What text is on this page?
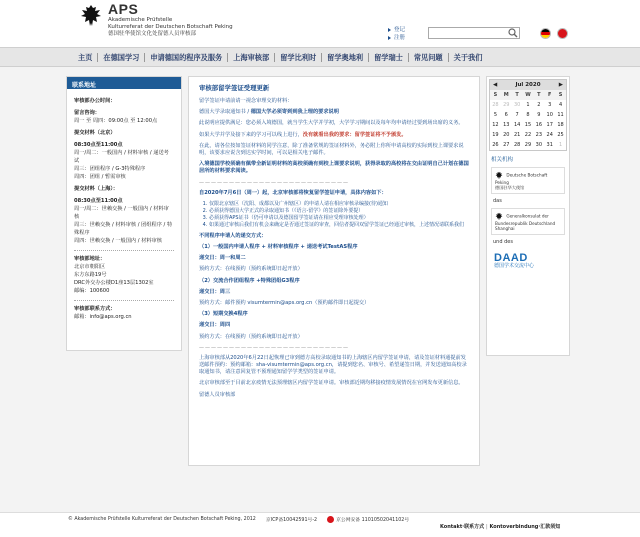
APS
Akademische Prüfstelle
Kulturreferat der Deutschen Botschaft Peking
德国驻华使馆文化处留德人员审核部
登记
注册
主页	在德国学习	申请德国的程序及服务	上海审核部	留学比利时	留学奥地利	留学瑞士	常见问题	关于我们
联系地址
审核部办公时间：
留言咨询：
周一 至 周四：09:00点 至 12:00点
提交材料（北京）
08:30点至11:00点
周一/周二：一般国内 / 材料审核 / 递送考试
周三：团组程序 / G-3特殊程序
周四：团组 / 暂需审核
提交材料（上海）：
08:30点至11:00点
周一/周二：世赖交换 / 一般国内 / 材料审核
周三：世赖交换 / 材料审核 / 团组程序 / 特殊程序
周四：世赖交换 / 一般国内 / 材料审核
审核部地址：
北京市朝阳区
东方东路19号
DRC外交办公楼D1座13层1302室
邮编：100600
审核部联系方式：
邮箱：info@aps.org.cn
审核部留学签证受理更新

留学签证申请前请一视念审理交的材料：

德国大学录取通知书 / 德国大学必须寄到到我上理的要求说明

此说明应提供满足：您必须入境德国，就当学生大学并学初，大学学习期间以及每年均申请经过要到场出席的义务。

如果大学并学及接下来的学习可以线上进行，没有就看出我的要求：留学签证将不予颁发。

在此，请各位按如签证材料的同学注意，除了准备常规的签证材料外，务必附上你所申请高校的实际到校上课要求说明，该要求应说含到达实学时间，可以是相关电子邮件。

入境德国学校须确有佩带全新证明材料的高校须确有到校上课要求说明，获得录取的高校将在交由证明自己计划在德国居所的材料要求阅读。

—————————————————————————

自2020年7月6日（周一）起，北京审核部将恢复留学签证申请，具体内容如下：

1. 仅限北京辖区（沈阳、成都以及广州辖区）的申请人请在相应审核录编接(待)通知
2. 必须获得德国大学正式的录取通知书（《语言-留学》的签证除外要提）
3. 必须获得APS证书（仍可申请以及德国留学签证请在相应受理审核处理）
4. 如果通过审核后我们有机会来确定是否通过签证的审查，回信者提回双留学签证已经通过审核，上述情况请联系我们

不同程序申请人的递交方式：

（1）一般国内申请人程序 + 材料审核程序 + 递送考试TestAS程序

递交日：周一和周二

预约方式：在线预约（预约系统即日起开放）

（2）交流合作团组程序 +特殊团组G3程序

递交日：周三

预约方式：邮件预约 visumtermin@aps.org.cn（预约邮件即日起提交）

（3）短期交换4程序

递交日：周四

预约方式：在线预约（预约系统即日起开放）

—————————————————————————

上海审核部从2020年6月22日起恢理已审到德方高校录取通知书的上海辖区内留学签证申请，请及签证材料通提前发送邮件预约：预约邮箱：sha-visumtermin@aps.org.cn，请提到您名、审核号、希望递签日期，并发送通知高校录取通知书，请注意回复管不预理通知留学学类型的签证申请。

北京审核部至于目前北京疫情无法预理辖区内留学签证申请。审核部近期均移接疫情发展情况在官网发布更新信息。

留德人员审核部

◀	Jul 2020	▶
S	M	T	W	T	F	S
28 29 30	1	2	3	4
5	6	7	8	9	10 11
12 13 14 15 16 17 18
19 20 21 22 23 24 25
26 27 28 29 30 31	1
相关机构
Deutsche Botschaft Peking
德国驻华大使馆
das
Generalkonsulat der Bundesrepublik Deutschland
Shanghai
und des
DAAD
德国学术交流中心
© Akademische Prüfstelle Kulturreferat der Deutschen Botschaft Peking, 2012 京ICP备10042591号-2	京公网安备 11010502041102号
Kontakt·联系方式 | Kontoverbindung·汇款须知
